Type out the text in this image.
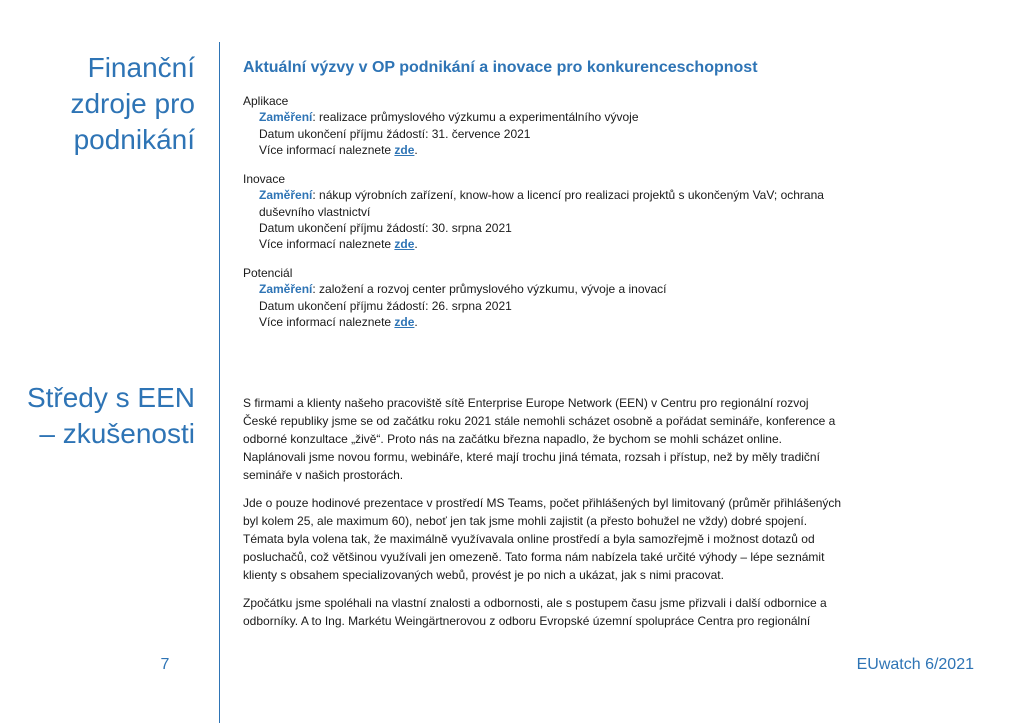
Finanční
zdroje pro
podnikání
Středy s EEN
– zkušenosti
Aktuální výzvy v OP podnikání a inovace pro konkurenceschopnost

Aplikace

Zaměření: realizace průmyslového výzkumu a experimentálního vývoje

Datum ukončení příjmu žádostí: 31. července 2021

Více informací naleznete zde.

Inovace

Zaměření: nákup výrobních zařízení, know-how a licencí pro realizaci projektů s ukončeným VaV; ochrana duševního vlastnictví

Datum ukončení příjmu žádostí: 30. srpna 2021

Více informací naleznete zde.

Potenciál

Zaměření: založení a rozvoj center průmyslového výzkumu, vývoje a inovací

Datum ukončení příjmu žádostí: 26. srpna 2021

Více informací naleznete zde.

S firmami a klienty našeho pracoviště sítě Enterprise Europe Network (EEN) v Centru pro regionální rozvoj České republiky jsme se od začátku roku 2021 stále nemohli scházet osobně a pořádat semináře, konference a odborné konzultace „živě“. Proto nás na začátku března napadlo, že bychom se mohli scházet online. Naplánovali jsme novou formu, webináře, které mají trochu jiná témata, rozsah i přístup, než by měly tradiční semináře v našich prostorách.

Jde o pouze hodinové prezentace v prostředí MS Teams, počet přihlášených byl limitovaný (průměr přihlášených byl kolem 25, ale maximum 60), neboť jen tak jsme mohli zajistit (a přesto bohužel ne vždy) dobré spojení. Témata byla volena tak, že maximálně využívavala online prostředí a byla samozřejmě i možnost dotazů od posluchačů, což většinou využívali jen omezeně. Tato forma nám nabízela také určité výhody – lépe seznámit klienty s obsahem specializovaných webů, provést je po nich a ukázat, jak s nimi pracovat.

Zpočátku jsme spoléhali na vlastní znalosti a odbornosti, ale s postupem času jsme přizvali i další odbornice a odborníky. A to Ing. Markétu Weingärtnerovou z odboru Evropské územní spolupráce Centra pro regionální

7	EUwatch 6/2021
